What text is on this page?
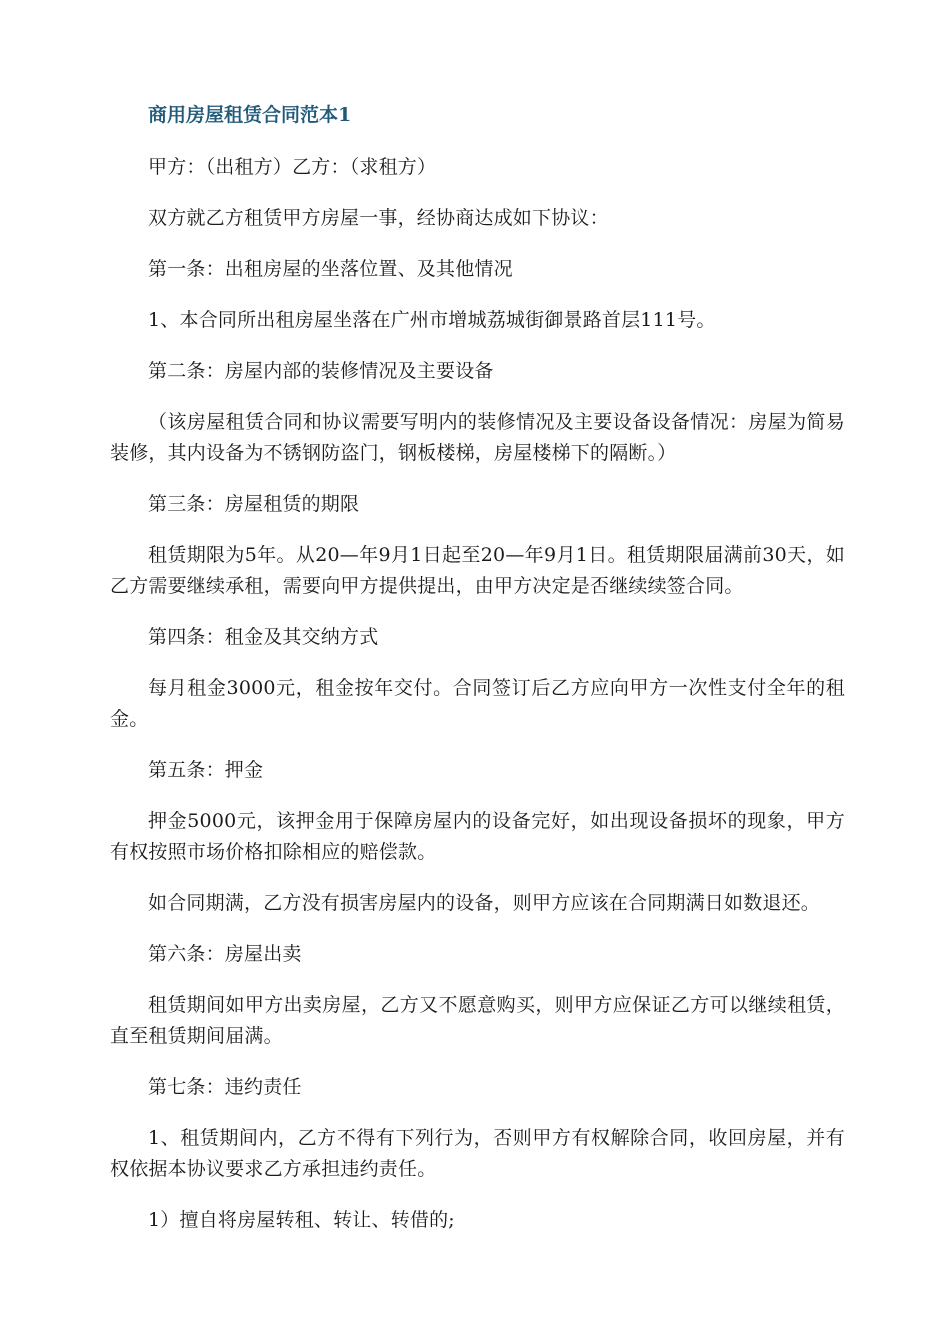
商用房屋租赁合同范本1

甲方：（出租方）乙方：（求租方）

双方就乙方租赁甲方房屋一事，经协商达成如下协议：

第一条：出租房屋的坐落位置、及其他情况

1、本合同所出租房屋坐落在广州市增城荔城街御景路首层111号。

第二条：房屋内部的装修情况及主要设备

（该房屋租赁合同和协议需要写明内的装修情况及主要设备设备情况：房屋为简易装修，其内设备为不锈钢防盗门，钢板楼梯，房屋楼梯下的隔断。）

第三条：房屋租赁的期限

租赁期限为5年。从20—年9月1日起至20—年9月1日。租赁期限届满前30天，如乙方需要继续承租，需要向甲方提供提出，由甲方决定是否继续续签合同。

第四条：租金及其交纳方式

每月租金3000元，租金按年交付。合同签订后乙方应向甲方一次性支付全年的租金。

第五条：押金

押金5000元，该押金用于保障房屋内的设备完好，如出现设备损坏的现象，甲方有权按照市场价格扣除相应的赔偿款。

如合同期满，乙方没有损害房屋内的设备，则甲方应该在合同期满日如数退还。

第六条：房屋出卖

租赁期间如甲方出卖房屋，乙方又不愿意购买，则甲方应保证乙方可以继续租赁，直至租赁期间届满。

第七条：违约责任

1、租赁期间内，乙方不得有下列行为，否则甲方有权解除合同，收回房屋，并有权依据本协议要求乙方承担违约责任。

1）擅自将房屋转租、转让、转借的;
